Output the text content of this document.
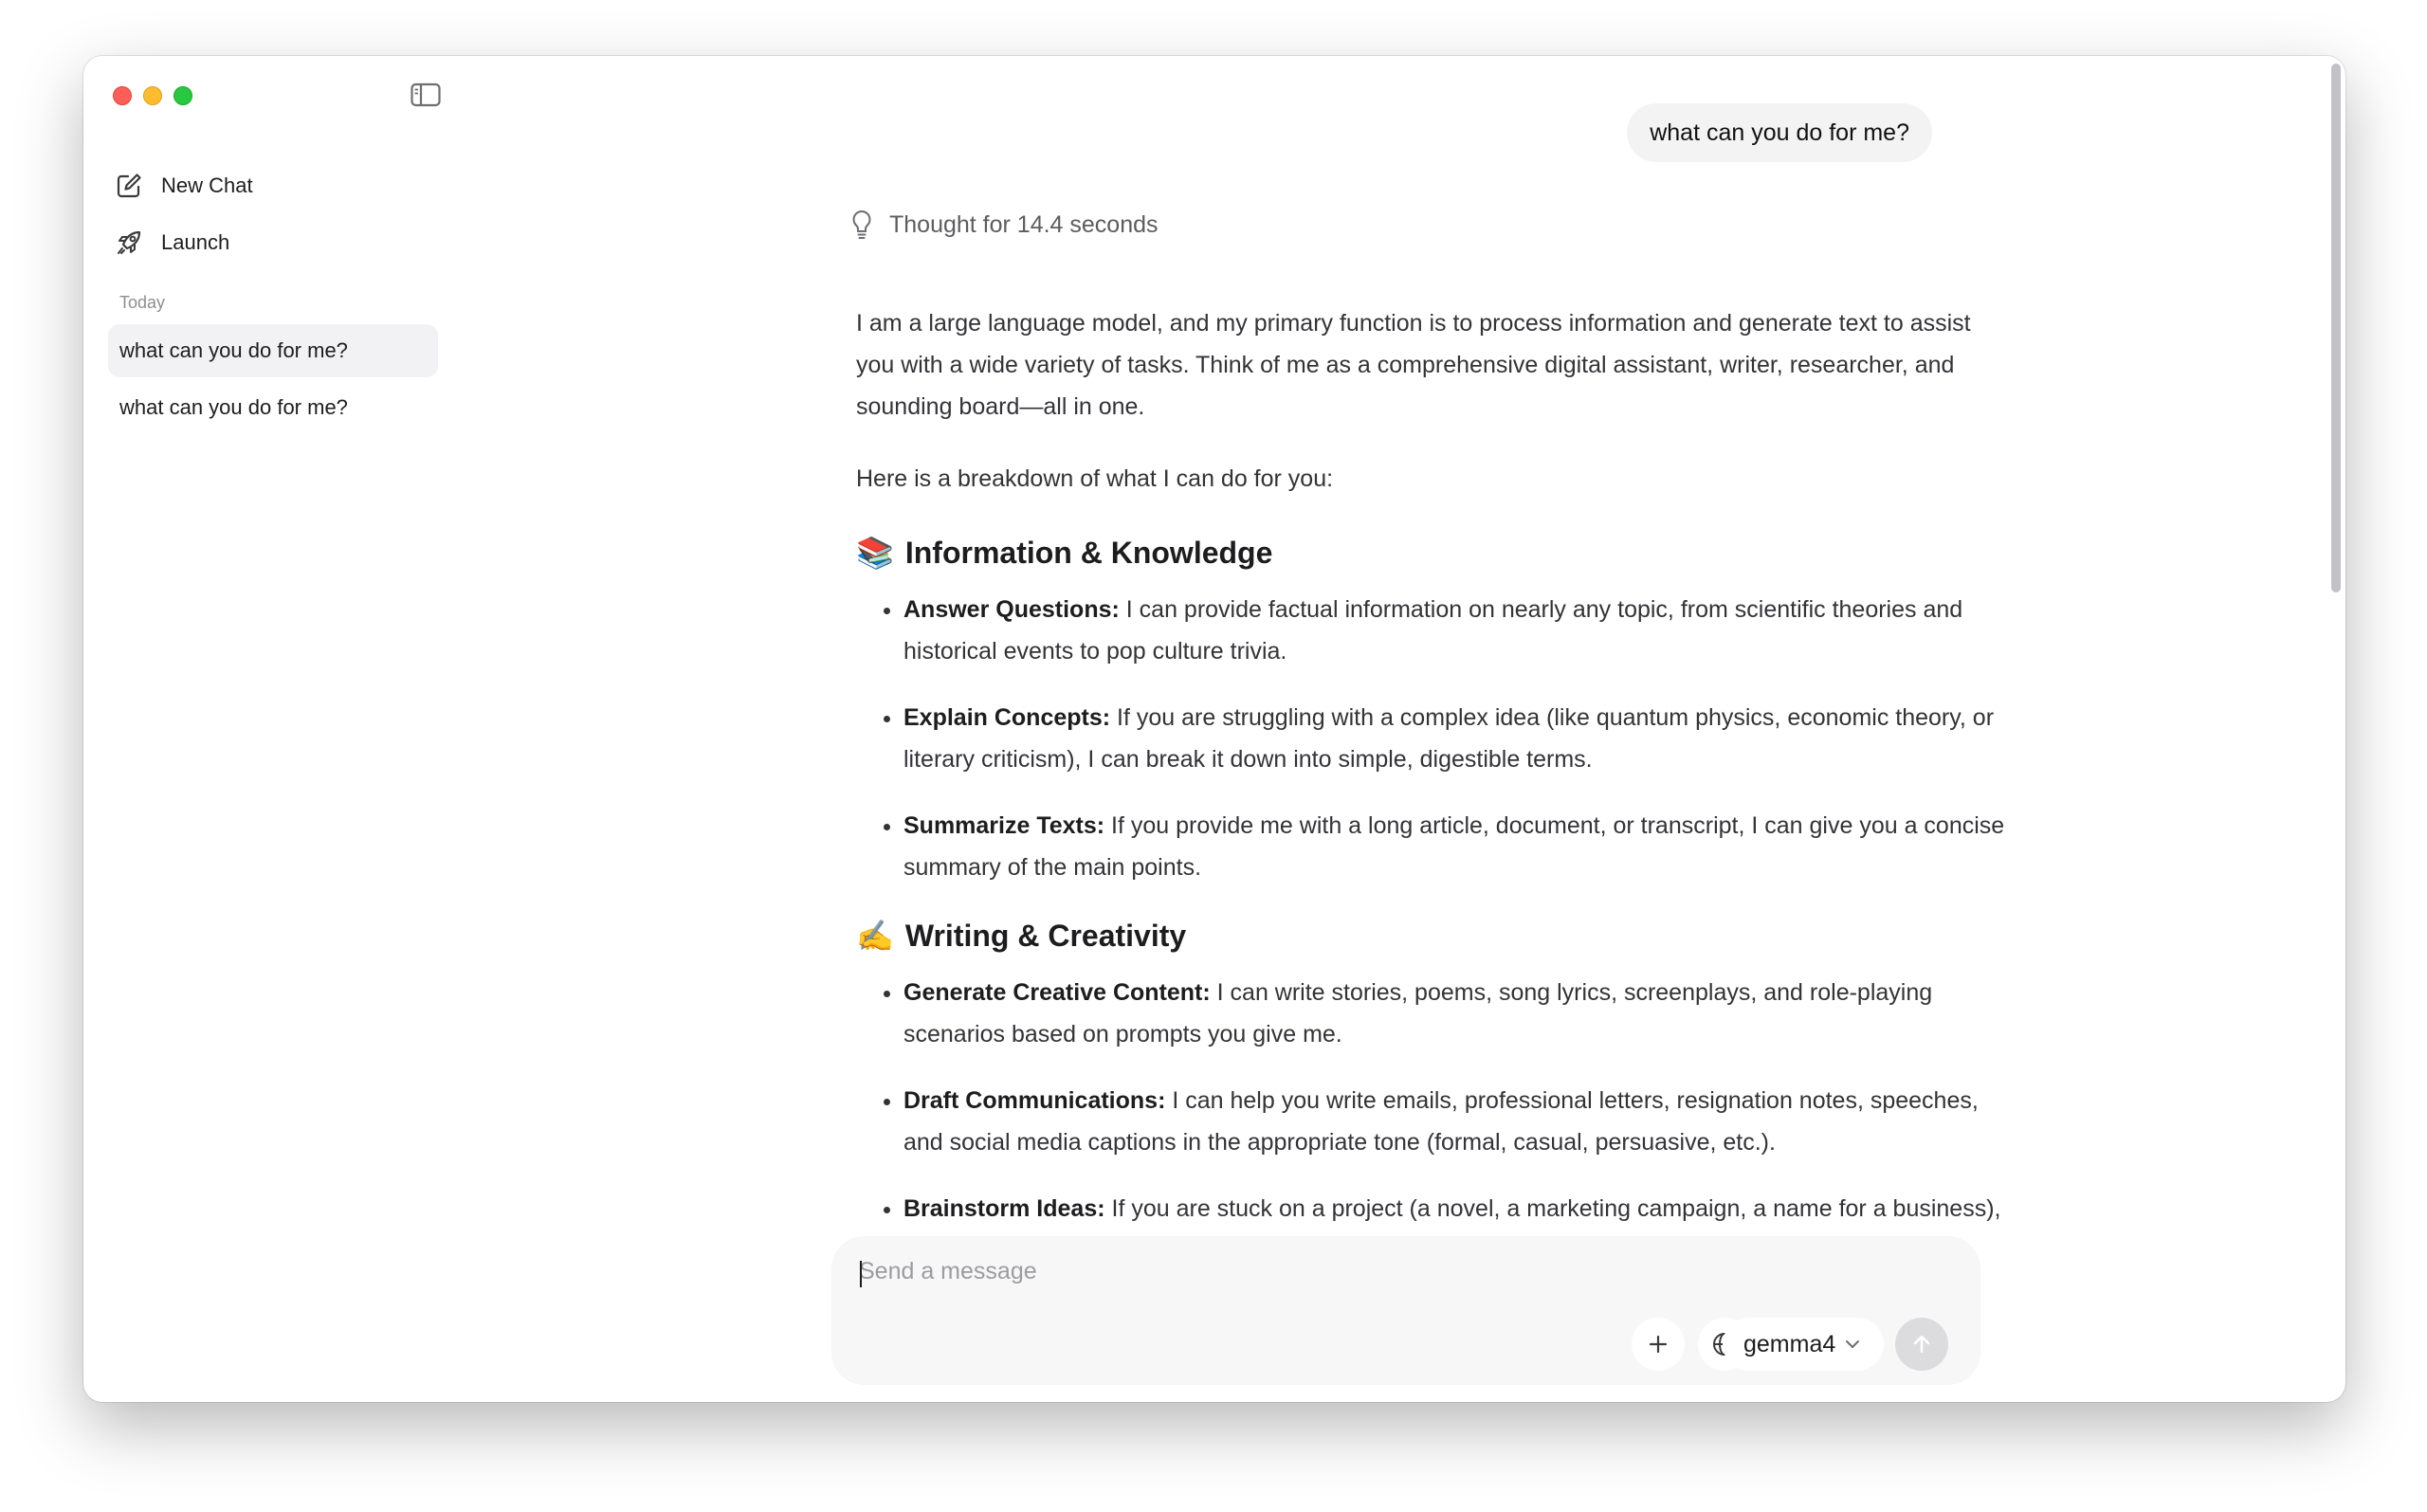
New Chat
Launch
Today
what can you do for me?
what can you do for me?
what can you do for me?
Thought for 14.4 seconds

I am a large language model, and my primary function is to process information and generate text to assist you with a wide variety of tasks. Think of me as a comprehensive digital assistant, writer, researcher, and sounding board—all in one.

Here is a breakdown of what I can do for you:

📚 Information & Knowledge
• Answer Questions: I can provide factual information on nearly any topic, from scientific theories and historical events to pop culture trivia.
• Explain Concepts: If you are struggling with a complex idea (like quantum physics, economic theory, or literary criticism), I can break it down into simple, digestible terms.
• Summarize Texts: If you provide me with a long article, document, or transcript, I can give you a concise summary of the main points.
✍️ Writing & Creativity
• Generate Creative Content: I can write stories, poems, song lyrics, screenplays, and role-playing scenarios based on prompts you give me.
• Draft Communications: I can help you write emails, professional letters, resignation notes, speeches, and social media captions in the appropriate tone (formal, casual, persuasive, etc.).
• Brainstorm Ideas: If you are stuck on a project (a novel, a marketing campaign, a name for a business),
Send a message
gemma4
